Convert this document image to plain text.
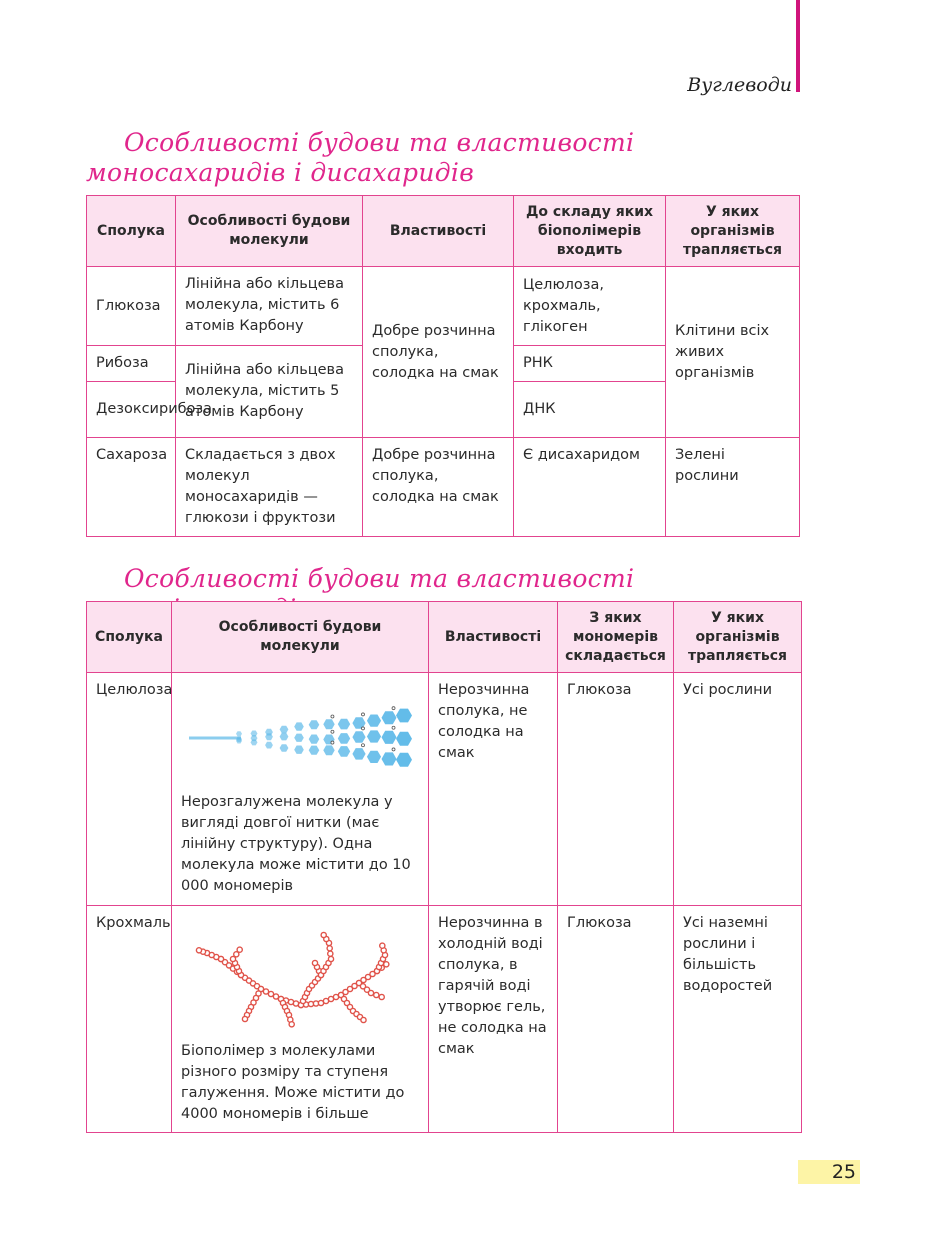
Вуглеводи
Особливості будови та властивості моносахаридів і дисахаридів
Сполука	Особливості будови молекули	Властивості	До складу яких біополімерів входить	У яких організмів трапляється
Глюкоза	Лінійна або кільцева молекула, містить 6 атомів Карбону	Добре розчинна сполука, солодка на смак	Целюлоза, крохмаль, глікоген	Клітини всіх живих організмів
Рибоза	Лінійна або кільцева молекула, містить 5 атомів Карбону		РНК	
Дезоксирибоза			ДНК	
Сахароза	Складається з двох молекул моносахаридів — глюкози і фруктози	Добре розчинна сполука, солодка на смак	Є дисахаридом	Зелені рослини
Особливості будови та властивості
Сполука	Особливості будови молекули	Властивості	З яких мономерів складається	У яких організмів трапляється
Целюлоза	Нерозгалужена молекула у вигляді довгої нитки (має лінійну структуру). Одна молекула може містити до 10 000 мономерів	Нерозчинна сполука, не солодка на смак	Глюкоза	Усі рослини
Крохмаль	Біополімер з молекулами різного розміру та ступеня галуження. Може містити до 4000 мономерів і більше	Нерозчинна в холодній воді сполука, в гарячій воді утворює гель, не солодка на смак	Глюкоза	Усі наземні рослини і більшість водоростей
25
